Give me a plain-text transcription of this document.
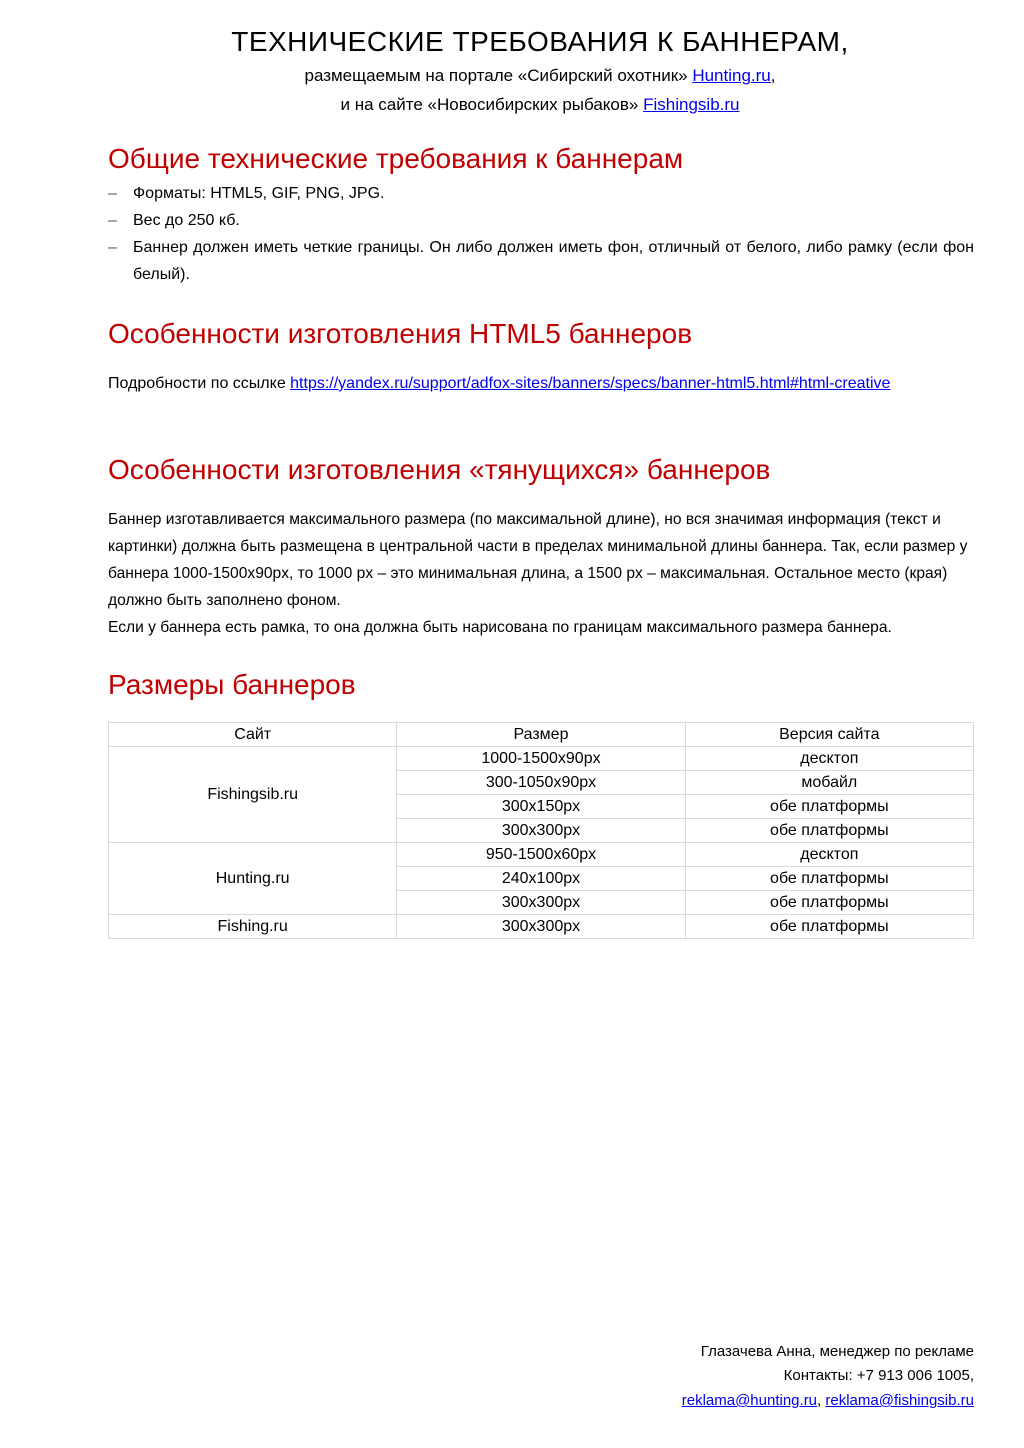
ТЕХНИЧЕСКИЕ ТРЕБОВАНИЯ К БАННЕРАМ,
размещаемым на портале «Сибирский охотник» Hunting.ru,
и на сайте «Новосибирских рыбаков» Fishingsib.ru
Общие технические требования к баннерам
– Форматы: HTML5, GIF, PNG, JPG.
– Вес до 250 кб.
– Баннер должен иметь четкие границы. Он либо должен иметь фон, отличный от белого, либо рамку (если фон белый).
Особенности изготовления HTML5 баннеров
Подробности по ссылке https://yandex.ru/support/adfox-sites/banners/specs/banner-html5.html#html-creative
Особенности изготовления «тянущихся» баннеров

Баннер изготавливается максимального размера (по максимальной длине), но вся значимая информация (текст и картинки) должна быть размещена в центральной части в пределах минимальной длины баннера. Так, если размер у баннера 1000-1500х90px, то 1000 px – это минимальная длина, а 1500 px – максимальная. Остальное место (края) должно быть заполнено фоном.

Если у баннера есть рамка, то она должна быть нарисована по границам максимального размера баннера.

Размеры баннеров
Сайт	Размер	Версия сайта
Fishingsib.ru	1000-1500х90px	десктоп
	300-1050х90px	мобайл
	300х150px	обе платформы
	300х300px	обе платформы
Hunting.ru	950-1500х60px	десктоп
	240х100px	обе платформы
	300х300px	обе платформы
Fishing.ru	300х300px	обе платформы
Глазачева Анна, менеджер по рекламе
Контакты: +7 913 006 1005,
reklama@hunting.ru, reklama@fishingsib.ru
